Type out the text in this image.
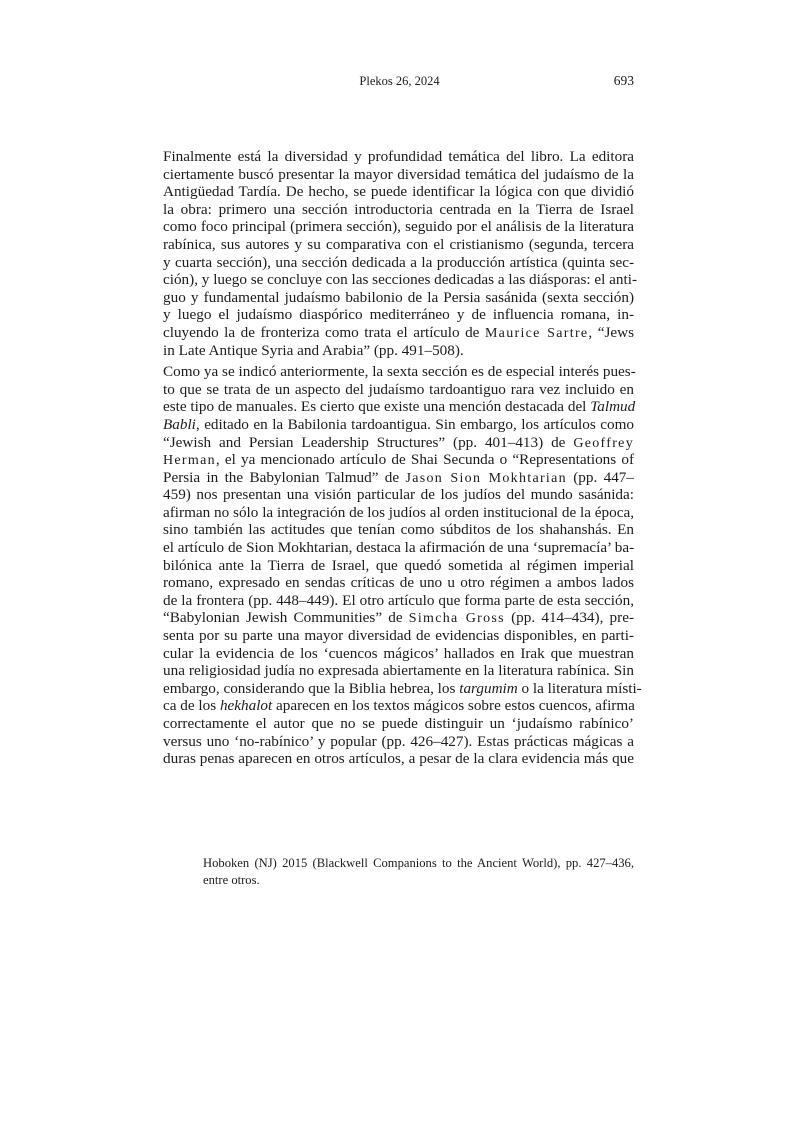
Plekos 26, 2024	693
Finalmente está la diversidad y profundidad temática del libro. La editora
ciertamente buscó presentar la mayor diversidad temática del judaísmo de la
Antigüedad Tardía. De hecho, se puede identificar la lógica con que dividió
la obra: primero una sección introductoria centrada en la Tierra de Israel
como foco principal (primera sección), seguido por el análisis de la literatura
rabínica, sus autores y su comparativa con el cristianismo (segunda, tercera
y cuarta sección), una sección dedicada a la producción artística (quinta sec-
ción), y luego se concluye con las secciones dedicadas a las diásporas: el anti-
guo y fundamental judaísmo babilonio de la Persia sasánida (sexta sección)
y luego el judaísmo diaspórico mediterráneo y de influencia romana, in-
cluyendo la de fronteriza como trata el artículo de Maurice Sartre, “Jews
in Late Antique Syria and Arabia” (pp. 491–508).
Como ya se indicó anteriormente, la sexta sección es de especial interés pues-
to que se trata de un aspecto del judaísmo tardoantiguo rara vez incluido en
este tipo de manuales. Es cierto que existe una mención destacada del Talmud
Babli, editado en la Babilonia tardoantigua. Sin embargo, los artículos como
“Jewish and Persian Leadership Structures” (pp. 401–413) de Geoffrey
Herman, el ya mencionado artículo de Shai Secunda o “Representations of
Persia in the Babylonian Talmud” de Jason Sion Mokhtarian (pp. 447–
459) nos presentan una visión particular de los judíos del mundo sasánida:
afirman no sólo la integración de los judíos al orden institucional de la época,
sino también las actitudes que tenían como súbditos de los shahanshás. En
el artículo de Sion Mokhtarian, destaca la afirmación de una ‘supremacía’ ba-
bilónica ante la Tierra de Israel, que quedó sometida al régimen imperial
romano, expresado en sendas críticas de uno u otro régimen a ambos lados
de la frontera (pp. 448–449). El otro artículo que forma parte de esta sección,
“Babylonian Jewish Communities” de Simcha Gross (pp. 414–434), pre-
senta por su parte una mayor diversidad de evidencias disponibles, en parti-
cular la evidencia de los ‘cuencos mágicos’ hallados en Irak que muestran
una religiosidad judía no expresada abiertamente en la literatura rabínica. Sin
embargo, considerando que la Biblia hebrea, los targumim o la literatura místi-
ca de los hekhalot aparecen en los textos mágicos sobre estos cuencos, afirma
correctamente el autor que no se puede distinguir un ‘judaísmo rabínico’
versus uno ‘no-rabínico’ y popular (pp. 426–427). Estas prácticas mágicas a
duras penas aparecen en otros artículos, a pesar de la clara evidencia más que
Hoboken (NJ) 2015 (Blackwell Companions to the Ancient World), pp. 427–436,
entre otros.
